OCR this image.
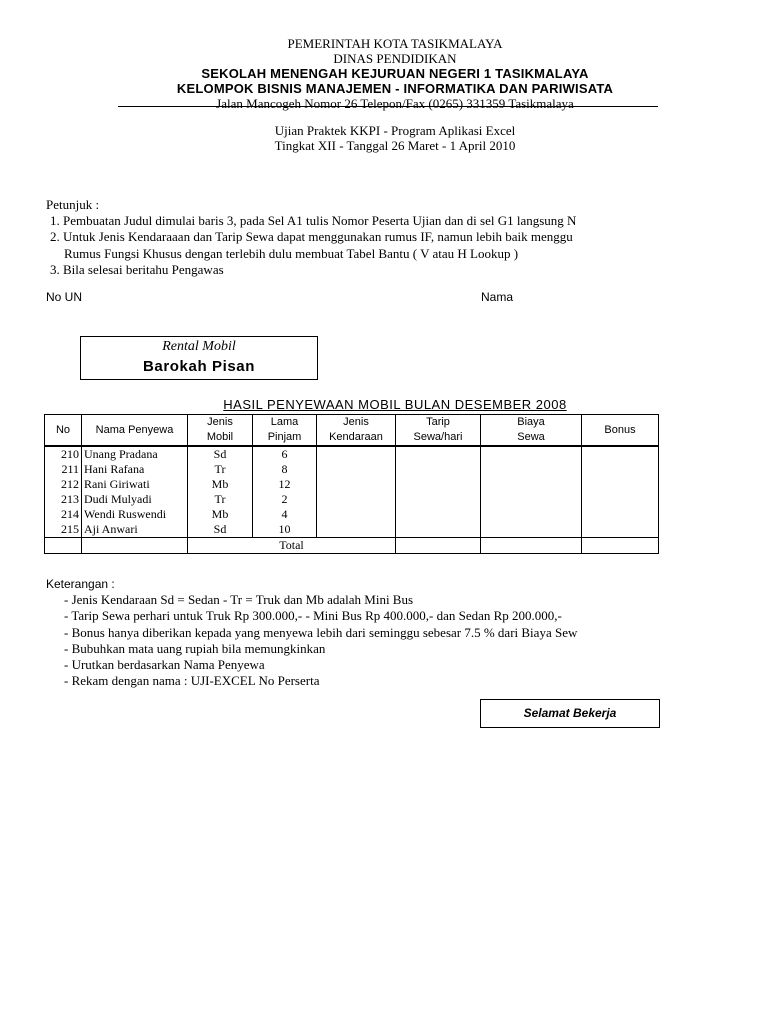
PEMERINTAH KOTA TASIKMALAYA
DINAS PENDIDIKAN
SEKOLAH MENENGAH KEJURUAN NEGERI 1 TASIKMALAYA
KELOMPOK BISNIS MANAJEMEN - INFORMATIKA DAN PARIWISATA
Jalan Mancogeh Nomor 26 Telepon/Fax (0265) 331359 Tasikmalaya
Ujian Praktek KKPI - Program Aplikasi Excel
Tingkat XII - Tanggal 26 Maret - 1 April 2010
Petunjuk :
1. Pembuatan Judul dimulai baris 3, pada Sel A1 tulis Nomor Peserta Ujian dan di sel G1 langsung N
2. Untuk Jenis Kendaraaan dan Tarip Sewa dapat menggunakan rumus IF, namun lebih baik menggu
Rumus Fungsi Khusus dengan terlebih dulu membuat Tabel Bantu ( V atau H Lookup )
3. Bila selesai beritahu Pengawas
No UN	Nama
Rental Mobil
Barokah Pisan
HASIL PENYEWAAN MOBIL BULAN DESEMBER 2008
No	Nama Penyewa	Jenis	Lama	Jenis	Tarip	Biaya	Bonus
		Mobil	Pinjam	Kendaraan	Sewa/hari	Sewa	
210	Unang Pradana	Sd	6				
211	Hani Rafana	Tr	8				
212	Rani Giriwati	Mb	12				
213	Dudi Mulyadi	Tr	2				
214	Wendi Ruswendi	Mb	4				
215	Aji Anwari	Sd	10				
		Total					
Keterangan :
- Jenis Kendaraan Sd = Sedan - Tr = Truk dan Mb adalah Mini Bus
- Tarip Sewa perhari untuk Truk Rp 300.000,- - Mini Bus Rp 400.000,- dan Sedan Rp 200.000,-
- Bonus hanya diberikan kepada yang menyewa lebih dari seminggu sebesar 7.5 % dari Biaya Sew
- Bubuhkan mata uang rupiah bila memungkinkan
- Urutkan berdasarkan Nama Penyewa
- Rekam dengan nama : UJI-EXCEL No Perserta
Selamat Bekerja
